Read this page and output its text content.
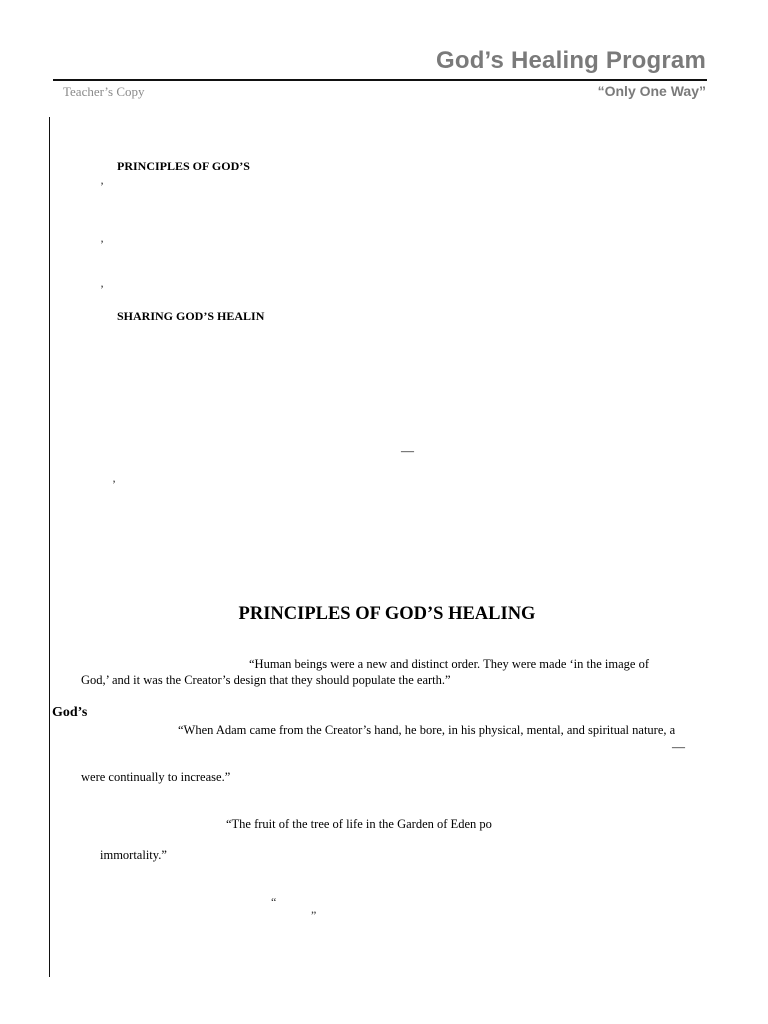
God’s Healing Program
Teacher’s Copy	“Only One Way”
PRINCIPLES OF GOD’S
’
’
’
SHARING GOD’S HEALIN
—
’
PRINCIPLES OF GOD’S HEALING
“Human beings were a new and distinct order. They were made ‘in the image of
God,’ and it was the Creator’s design that they should populate the earth.”
God’s
“When Adam came from the Creator’s hand, he bore, in his physical, mental, and spiritual nature, a
—
were continually to increase.”
“The fruit of the tree of life in the Garden of Eden po
immortality.”
“
”
